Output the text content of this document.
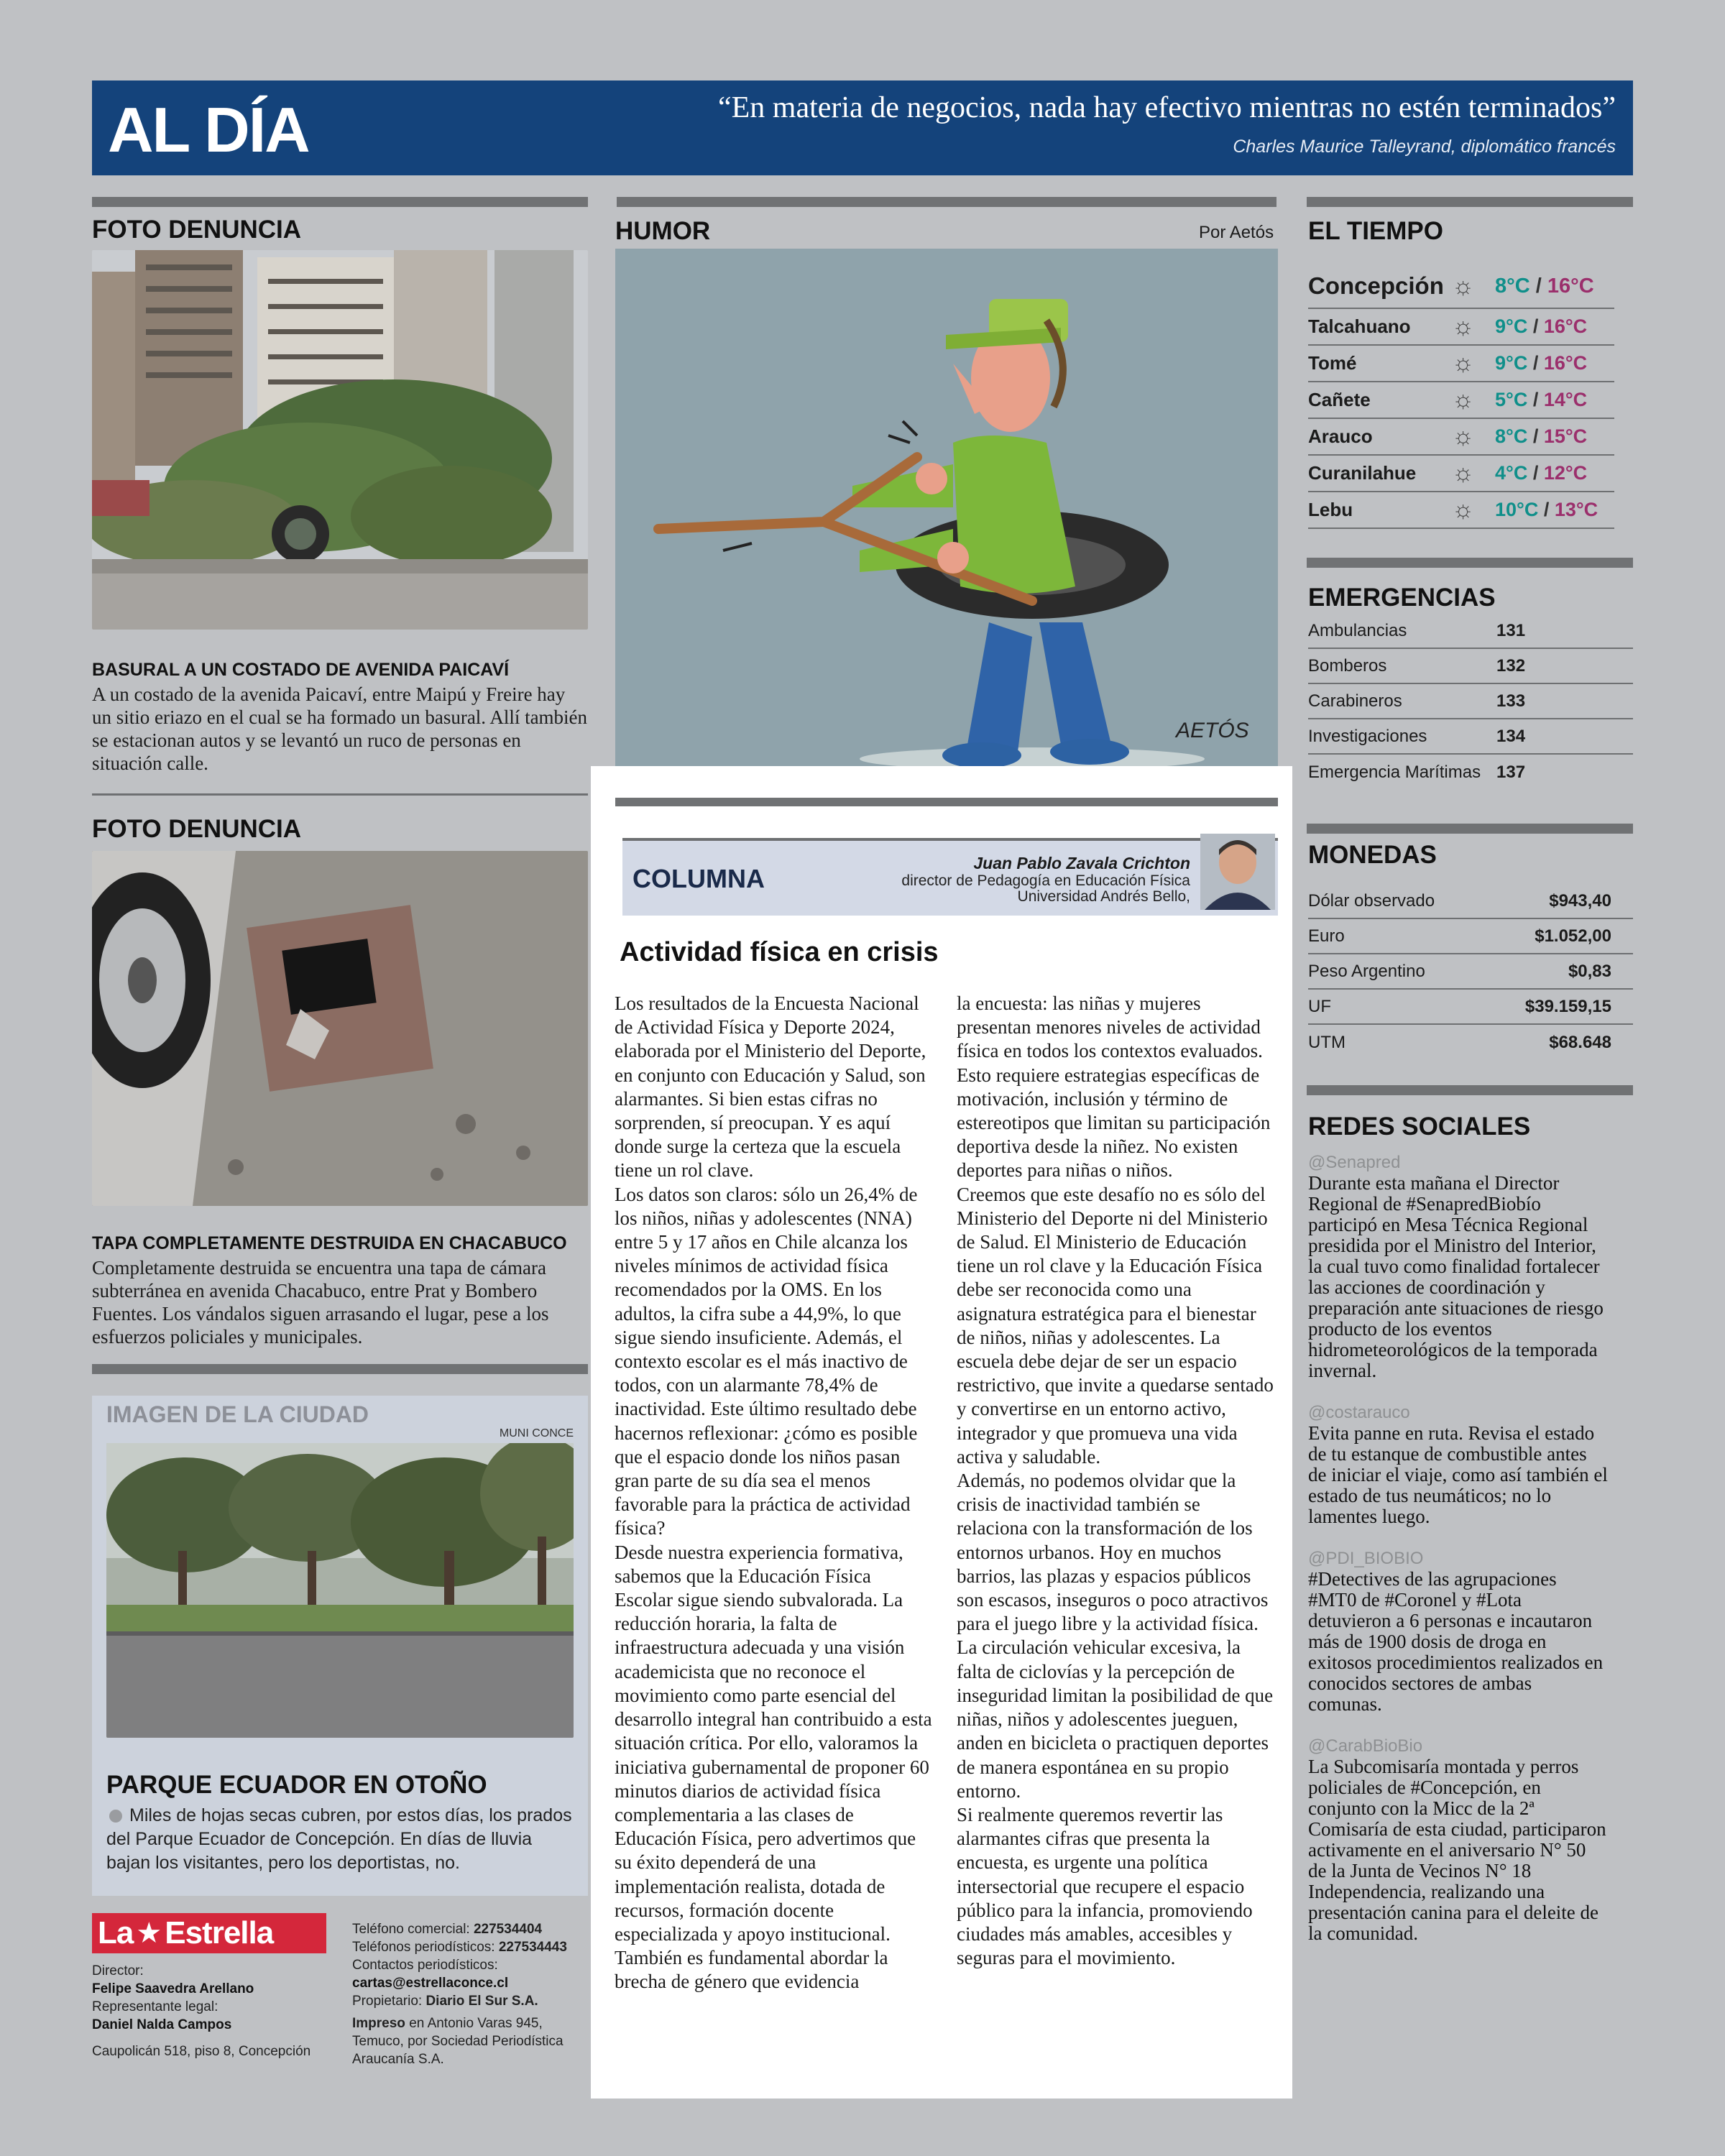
AL DÍA	“En materia de negocios, nada hay efectivo mientras no estén terminados”
Charles Maurice Talleyrand, diplomático francés
FOTO DENUNCIA
BASURAL A UN COSTADO DE AVENIDA PAICAVÍ
A un costado de la avenida Paicaví, entre Maipú y Freire hay un sitio eriazo en el cual se ha formado un basural. Allí también se estacionan autos y se levantó un ruco de personas en situación calle.
FOTO DENUNCIA
TAPA COMPLETAMENTE DESTRUIDA EN CHACABUCO
Completamente destruida se encuentra una tapa de cámara subterránea en avenida Chacabuco, entre Prat y Bombero Fuentes. Los vándalos siguen arrasando el lugar, pese a los esfuerzos policiales y municipales.
IMAGEN DE LA CIUDAD
MUNI CONCE
PARQUE ECUADOR EN OTOÑO
Miles de hojas secas cubren, por estos días, los prados del Parque Ecuador de Concepción. En días de lluvia bajan los visitantes, pero los deportistas, no.
La ★ Estrella
Director:
Felipe Saavedra Arellano
Representante legal:
Daniel Nalda Campos
Caupolicán 518, piso 8, Concepción
Teléfono comercial: 227534404
Teléfonos periodísticos: 227534443
Contactos periodísticos:
cartas@estrellaconce.cl
Propietario: Diario El Sur S.A.
Impreso en Antonio Varas 945,
Temuco, por Sociedad Periodística
Araucanía S.A.
HUMOR	Por Aetós
AETÓS
COLUMNA
Juan Pablo Zavala Crichton
director de Pedagogía en Educación Física
Universidad Andrés Bello,
Actividad física en crisis

Los resultados de la Encuesta Nacional de Actividad Física y Deporte 2024, elaborada por el Ministerio del Deporte, en conjunto con Educación y Salud, son alarmantes. Si bien estas cifras no sorprenden, sí preocupan. Y es aquí donde surge la certeza que la escuela tiene un rol clave.

Los datos son claros: sólo un 26,4% de los niños, niñas y adolescentes (NNA) entre 5 y 17 años en Chile alcanza los niveles mínimos de actividad física recomendados por la OMS. En los adultos, la cifra sube a 44,9%, lo que sigue siendo insuficiente. Además, el contexto escolar es el más inactivo de todos, con un alarmante 78,4% de inactividad. Este último resultado debe hacernos reflexionar: ¿cómo es posible que el espacio donde los niños pasan gran parte de su día sea el menos favorable para la práctica de actividad física?

Desde nuestra experiencia formativa, sabemos que la Educación Física Escolar sigue siendo subvalorada. La reducción horaria, la falta de infraestructura adecuada y una visión academicista que no reconoce el movimiento como parte esencial del desarrollo integral han contribuido a esta situación crítica. Por ello, valoramos la iniciativa gubernamental de proponer 60 minutos diarios de actividad física complementaria a las clases de Educación Física, pero advertimos que su éxito dependerá de una implementación realista, dotada de recursos, formación docente especializada y apoyo institucional.

También es fundamental abordar la brecha de género que evidencia

la encuesta: las niñas y mujeres presentan menores niveles de actividad física en todos los contextos evaluados. Esto requiere estrategias específicas de motivación, inclusión y término de estereotipos que limitan su participación deportiva desde la niñez. No existen deportes para niñas o niños.

Creemos que este desafío no es sólo del Ministerio del Deporte ni del Ministerio de Salud. El Ministerio de Educación tiene un rol clave y la Educación Física debe ser reconocida como una asignatura estratégica para el bienestar de niños, niñas y adolescentes. La escuela debe dejar de ser un espacio restrictivo, que invite a quedarse sentado y convertirse en un entorno activo, integrador y que promueva una vida activa y saludable.

Además, no podemos olvidar que la crisis de inactividad también se relaciona con la transformación de los entornos urbanos. Hoy en muchos barrios, las plazas y espacios públicos son escasos, inseguros o poco atractivos para el juego libre y la actividad física. La circulación vehicular excesiva, la falta de ciclovías y la percepción de inseguridad limitan la posibilidad de que niñas, niños y adolescentes jueguen, anden en bicicleta o practiquen deportes de manera espontánea en su propio entorno.

Si realmente queremos revertir las alarmantes cifras que presenta la encuesta, es urgente una política intersectorial que recupere el espacio público para la infancia, promoviendo ciudades más amables, accesibles y seguras para el movimiento.

EL TIEMPO
Concepción ☼ 8°C / 16°C
Talcahuano	☼	9°C / 16°C
Tomé	☼	9°C / 16°C
Cañete	☼	5°C / 14°C
Arauco	☼	8°C / 15°C
Curanilahue	☼	4°C / 12°C
Lebu	☼	10°C / 13°C
EMERGENCIAS
Ambulancias	131
Bomberos	132
Carabineros	133
Investigaciones	134
Emergencia Marítimas 137
MONEDAS
Dólar observado	$943,40
Euro	$1.052,00
Peso Argentino	$0,83
UF	$39.159,15
UTM	$68.648
REDES SOCIALES
@Senapred
Durante esta mañana el Director Regional de #SenapredBiobío participó en Mesa Técnica Regional presidida por el Ministro del Interior, la cual tuvo como finalidad fortalecer las acciones de coordinación y preparación ante situaciones de riesgo producto de los eventos hidrometeorológicos de la temporada invernal.
@costarauco
Evita panne en ruta. Revisa el estado de tu estanque de combustible antes de iniciar el viaje, como así también el estado de tus neumáticos; no lo lamentes luego.
@PDI_BIOBIO
#Detectives de las agrupaciones #MT0 de #Coronel y #Lota detuvieron a 6 personas e incautaron más de 1900 dosis de droga en exitosos procedimientos realizados en conocidos sectores de ambas comunas.
@CarabBioBio
La Subcomisaría montada y perros policiales de #Concepción, en conjunto con la Micc de la 2ª Comisaría de esta ciudad, participaron activamente en el aniversario N° 50 de la Junta de Vecinos N° 18 Independencia, realizando una presentación canina para el deleite de la comunidad.
